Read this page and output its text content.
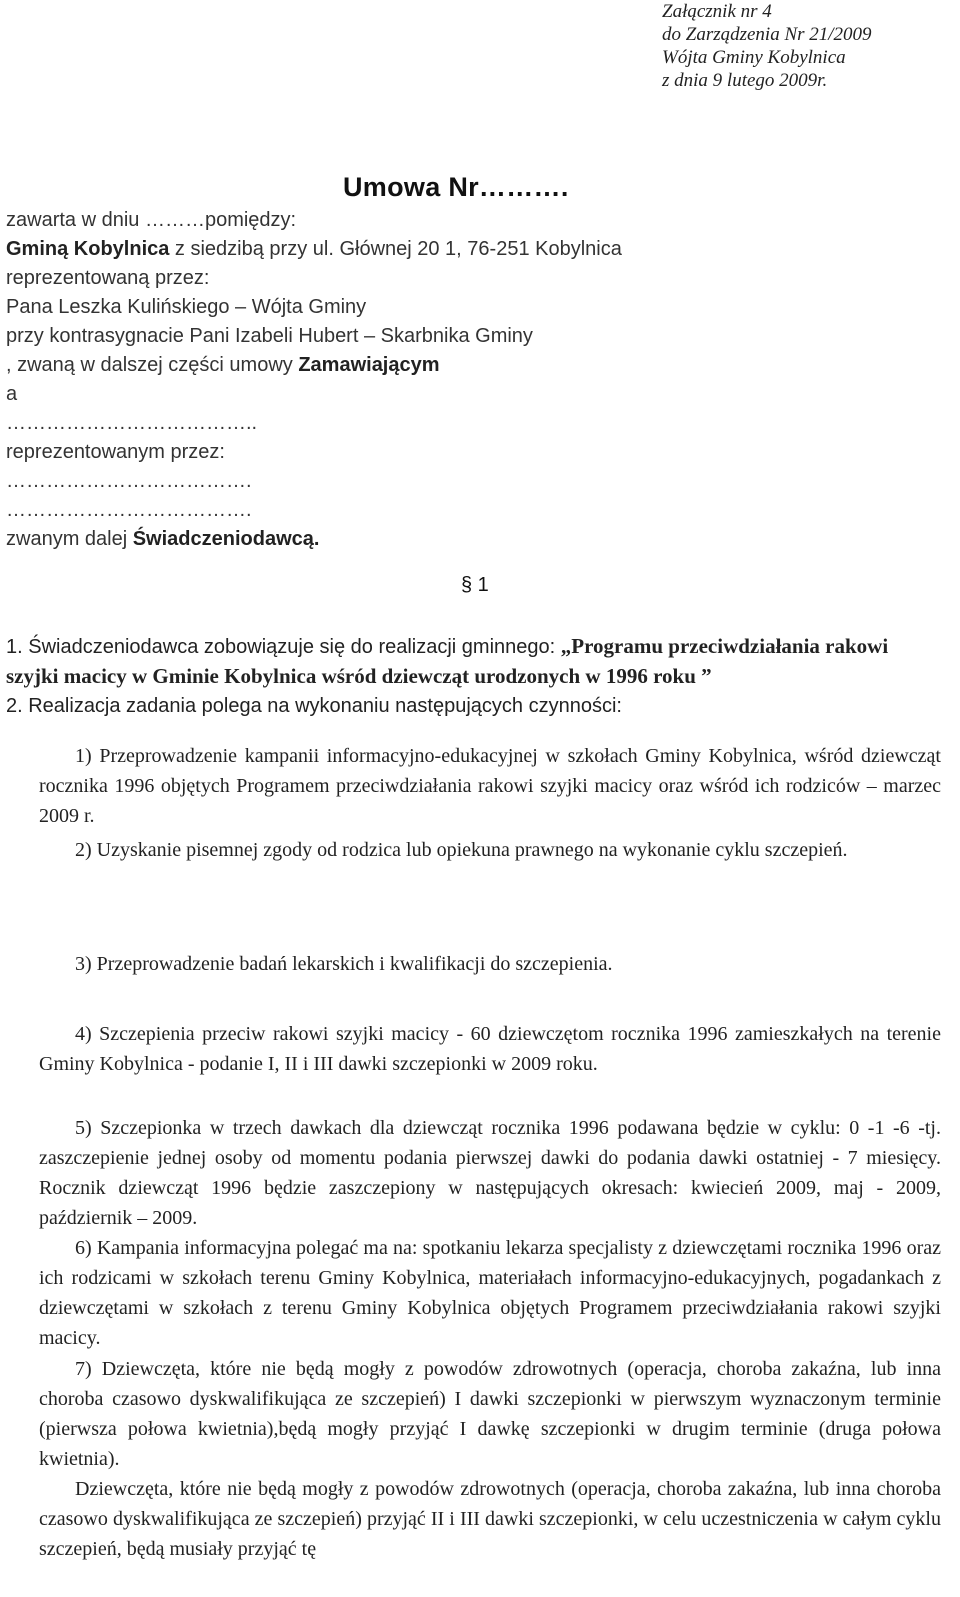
Załącznik nr 4
do Zarządzenia Nr 21/2009
Wójta Gminy Kobylnica
z dnia 9 lutego 2009r.
Umowa Nr……….
zawarta w dniu ………pomiędzy:
Gminą Kobylnica z siedzibą przy ul. Głównej 20 1, 76-251 Kobylnica
reprezentowaną przez:
Pana Leszka Kulińskiego – Wójta Gminy
przy kontrasygnacie Pani Izabeli Hubert – Skarbnika Gminy
, zwaną w dalszej części umowy Zamawiającym
a
………………………………..
reprezentowanym przez:
……………………………….
……………………………….
zwanym dalej Świadczeniodawcą.
§ 1
1. Świadczeniodawca zobowiązuje się do realizacji gminnego: „Programu przeciwdziałania rakowi szyjki macicy w Gminie Kobylnica wśród dziewcząt urodzonych w 1996 roku ”
2. Realizacja zadania polega na wykonaniu następujących czynności:
1) Przeprowadzenie kampanii informacyjno-edukacyjnej w szkołach Gminy Kobylnica, wśród dziewcząt rocznika 1996 objętych Programem przeciwdziałania rakowi szyjki macicy oraz wśród ich rodziców – marzec 2009 r.
2) Uzyskanie pisemnej zgody od rodzica lub opiekuna prawnego na wykonanie cyklu szczepień.
3) Przeprowadzenie badań lekarskich i kwalifikacji do szczepienia.
4) Szczepienia przeciw rakowi szyjki macicy - 60 dziewczętom rocznika 1996 zamieszkałych na terenie Gminy Kobylnica - podanie I, II i III dawki szczepionki w 2009 roku.
5) Szczepionka w trzech dawkach dla dziewcząt rocznika 1996 podawana będzie w cyklu: 0 -1 -6 -tj. zaszczepienie jednej osoby od momentu podania pierwszej dawki do podania dawki ostatniej - 7 miesięcy. Rocznik dziewcząt 1996 będzie zaszczepiony w następujących okresach: kwiecień 2009, maj - 2009, październik – 2009.
6) Kampania informacyjna polegać ma na: spotkaniu lekarza specjalisty z dziewczętami rocznika 1996 oraz ich rodzicami w szkołach terenu Gminy Kobylnica, materiałach informacyjno-edukacyjnych, pogadankach z dziewczętami w szkołach z terenu Gminy Kobylnica objętych Programem przeciwdziałania rakowi szyjki macicy.
7) Dziewczęta, które nie będą mogły z powodów zdrowotnych (operacja, choroba zakaźna, lub inna choroba czasowo dyskwalifikująca ze szczepień) I dawki szczepionki w pierwszym wyznaczonym terminie (pierwsza połowa kwietnia),będą mogły przyjąć I dawkę szczepionki w drugim terminie (druga połowa kwietnia).
Dziewczęta, które nie będą mogły z powodów zdrowotnych (operacja, choroba zakaźna, lub inna choroba czasowo dyskwalifikująca ze szczepień) przyjąć II i III dawki szczepionki, w celu uczestniczenia w całym cyklu szczepień, będą musiały przyjąć tę
